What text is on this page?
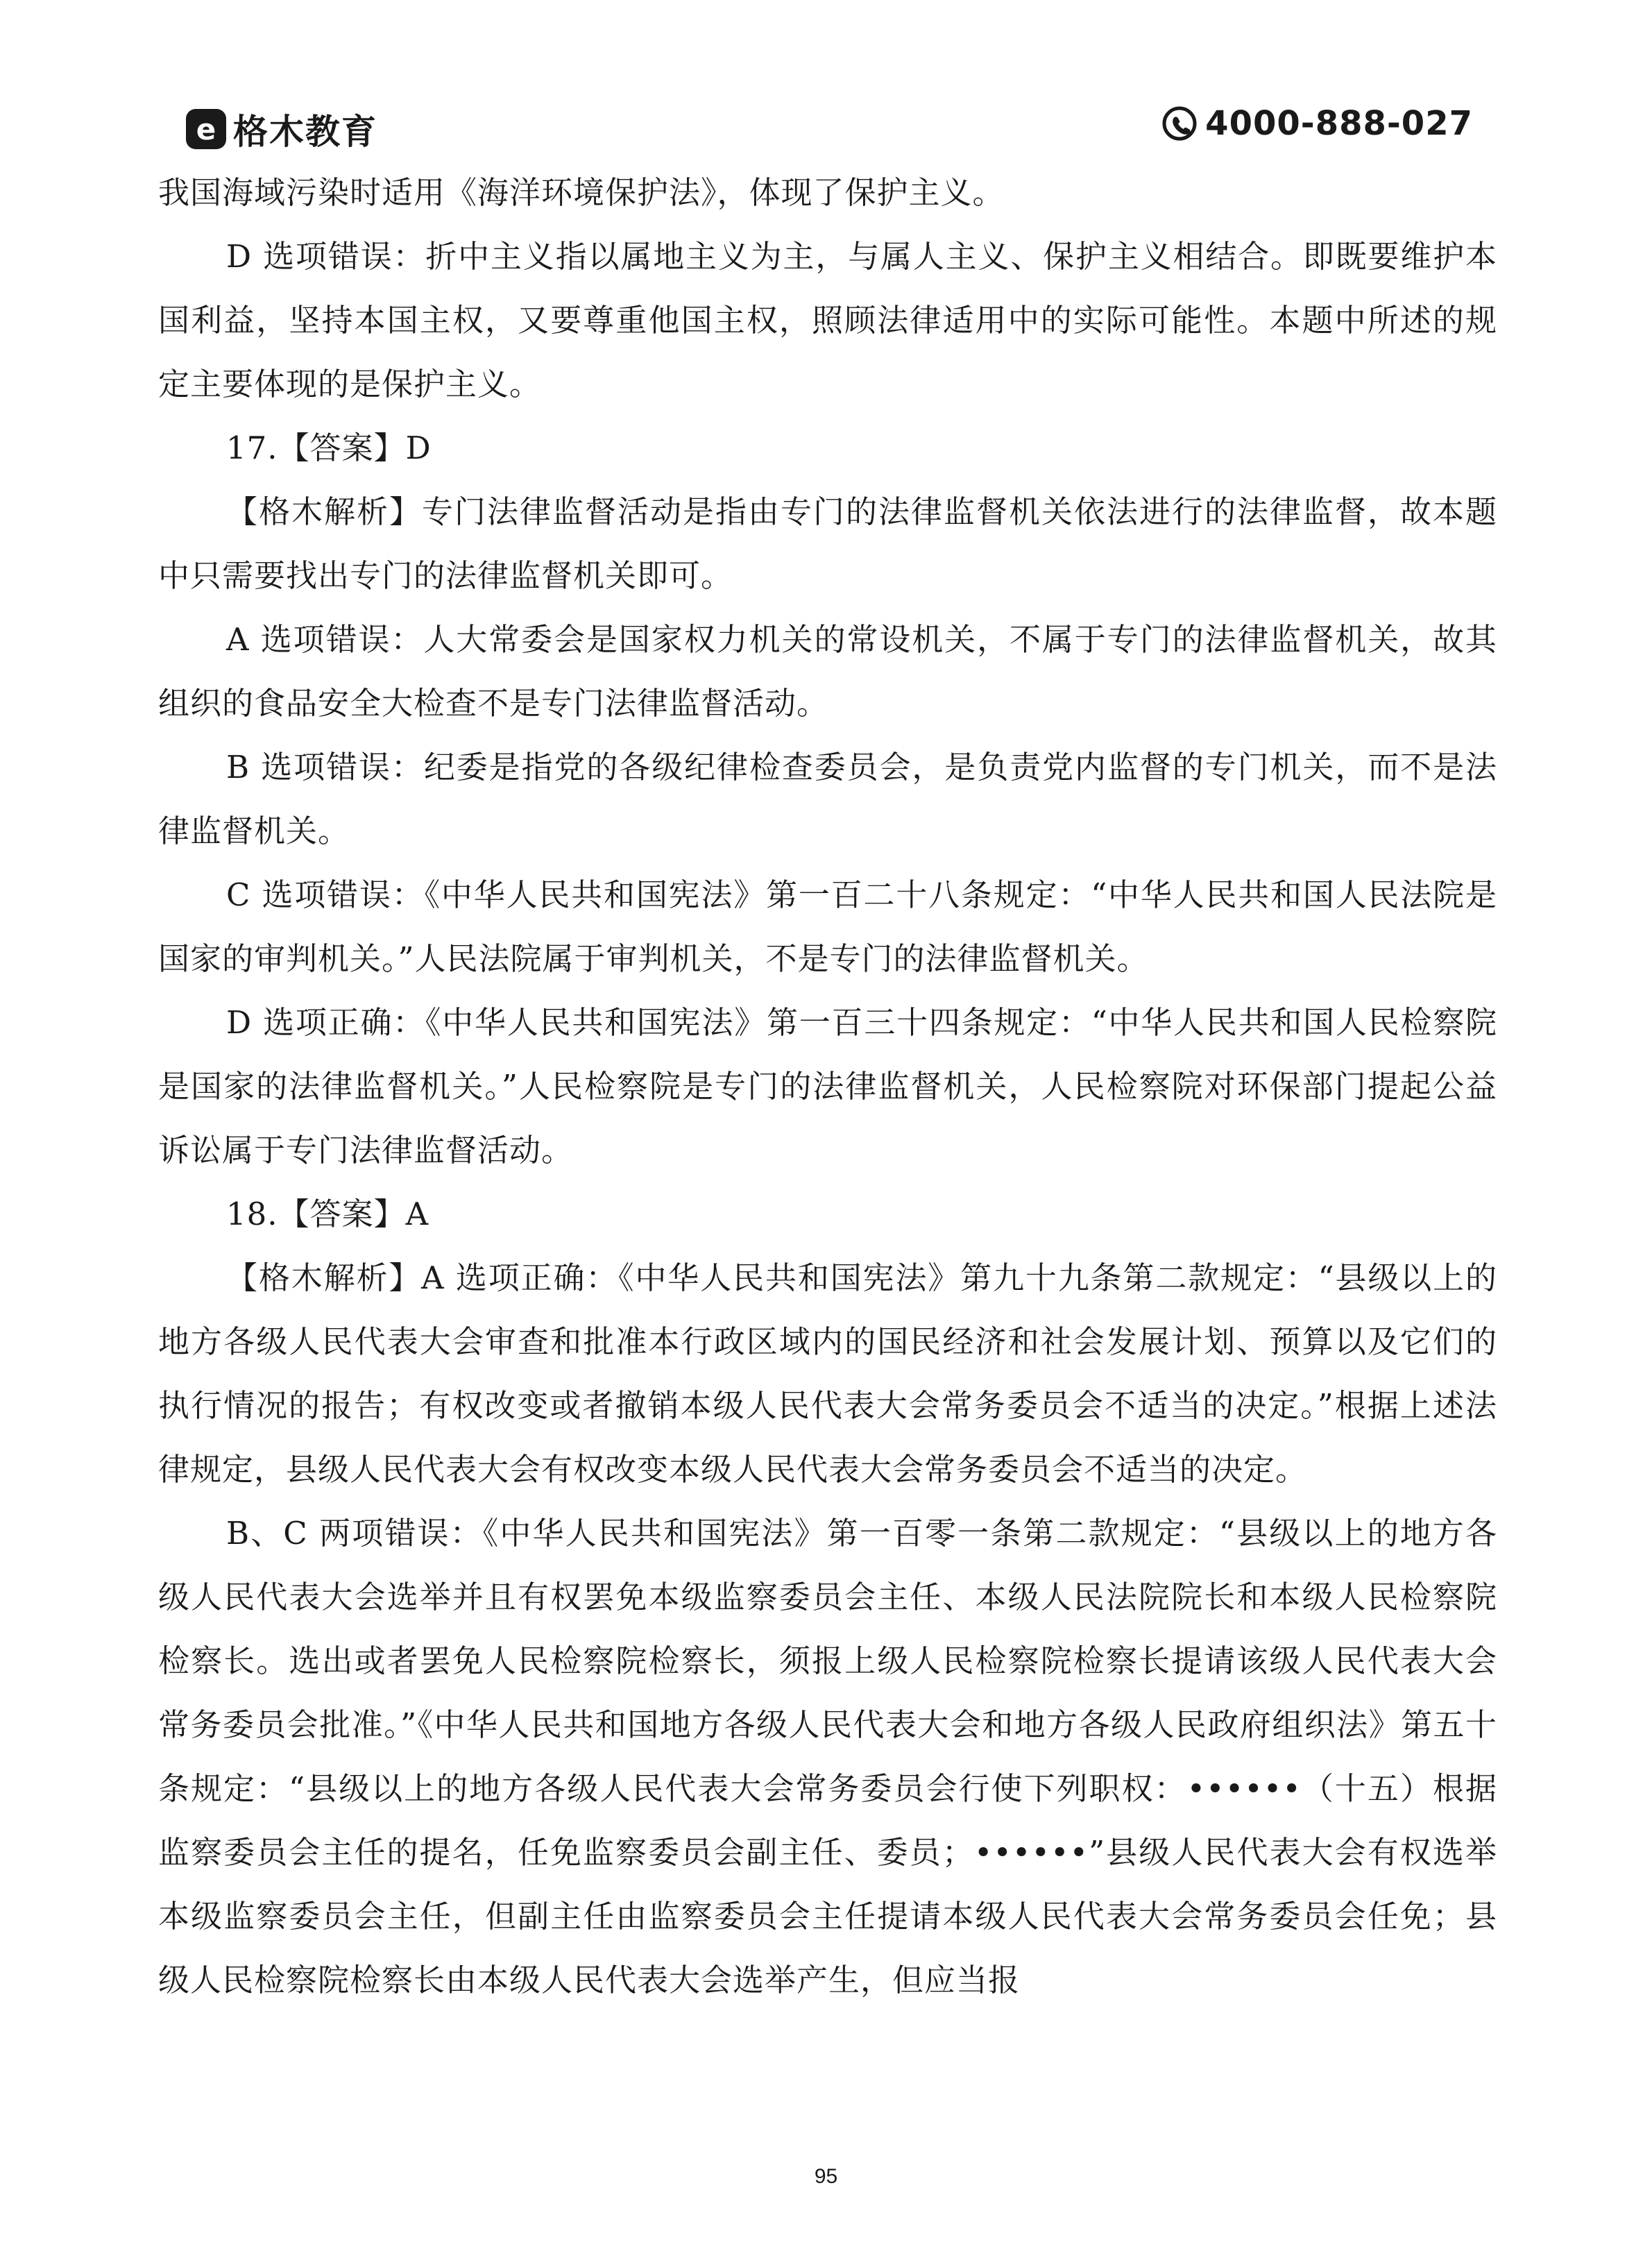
e 格木教育	4000-888-027

我国海域污染时适用《海洋环境保护法》，体现了保护主义。

D 选项错误：折中主义指以属地主义为主，与属人主义、保护主义相结合。即既要维护本国利益，坚持本国主权，又要尊重他国主权，照顾法律适用中的实际可能性。本题中所述的规定主要体现的是保护主义。

17.【答案】D

【格木解析】专门法律监督活动是指由专门的法律监督机关依法进行的法律监督，故本题中只需要找出专门的法律监督机关即可。

A 选项错误：人大常委会是国家权力机关的常设机关，不属于专门的法律监督机关，故其组织的食品安全大检查不是专门法律监督活动。

B 选项错误：纪委是指党的各级纪律检查委员会，是负责党内监督的专门机关，而不是法律监督机关。

C 选项错误：《中华人民共和国宪法》第一百二十八条规定：“中华人民共和国人民法院是国家的审判机关。”人民法院属于审判机关，不是专门的法律监督机关。

D 选项正确：《中华人民共和国宪法》第一百三十四条规定：“中华人民共和国人民检察院是国家的法律监督机关。”人民检察院是专门的法律监督机关，人民检察院对环保部门提起公益诉讼属于专门法律监督活动。

18.【答案】A

【格木解析】A 选项正确：《中华人民共和国宪法》第九十九条第二款规定：“县级以上的地方各级人民代表大会审查和批准本行政区域内的国民经济和社会发展计划、预算以及它们的执行情况的报告；有权改变或者撤销本级人民代表大会常务委员会不适当的决定。”根据上述法律规定，县级人民代表大会有权改变本级人民代表大会常务委员会不适当的决定。

B、C 两项错误：《中华人民共和国宪法》第一百零一条第二款规定：“县级以上的地方各级人民代表大会选举并且有权罢免本级监察委员会主任、本级人民法院院长和本级人民检察院检察长。选出或者罢免人民检察院检察长，须报上级人民检察院检察长提请该级人民代表大会常务委员会批准。”《中华人民共和国地方各级人民代表大会和地方各级人民政府组织法》第五十条规定：“县级以上的地方各级人民代表大会常务委员会行使下列职权：••••••（十五）根据监察委员会主任的提名，任免监察委员会副主任、委员；••••••”县级人民代表大会有权选举本级监察委员会主任，但副主任由监察委员会主任提请本级人民代表大会常务委员会任免；县级人民检察院检察长由本级人民代表大会选举产生，但应当报

95
